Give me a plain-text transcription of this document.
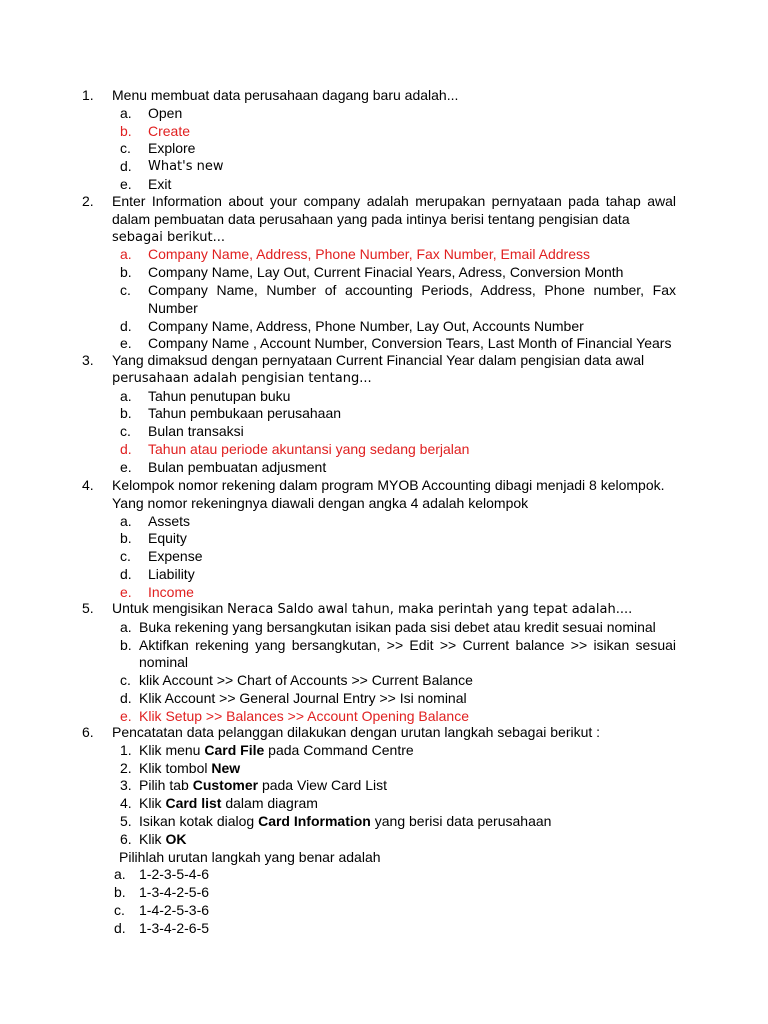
1. Menu membuat data perusahaan dagang baru adalah...
a. Open
b. Create
c. Explore
d. What's new
e. Exit
2. Enter Information about your company adalah merupakan pernyataan pada tahap awal dalam pembuatan data perusahaan yang pada intinya berisi tentang pengisian data
sebagai berikut...
a. Company Name, Address, Phone Number, Fax Number, Email Address
b. Company Name, Lay Out, Current Finacial Years, Adress, Conversion Month
c. Company Name, Number of accounting Periods, Address, Phone number, Fax Number
d. Company Name, Address, Phone Number, Lay Out, Accounts Number
e. Company Name , Account Number, Conversion Tears, Last Month of Financial Years
3. Yang dimaksud dengan pernyataan Current Financial Year dalam pengisian data awal
perusahaan adalah pengisian tentang...
a. Tahun penutupan buku
b. Tahun pembukaan perusahaan
c. Bulan transaksi
d. Tahun atau periode akuntansi yang sedang berjalan
e. Bulan pembuatan adjusment
4. Kelompok nomor rekening dalam program MYOB Accounting dibagi menjadi 8 kelompok. Yang nomor rekeningnya diawali dengan angka 4 adalah kelompok
a. Assets
b. Equity
c. Expense
d. Liability
e. Income
5. Untuk mengisikan Neraca Saldo awal tahun, maka perintah yang tepat adalah....
a. Buka rekening yang bersangkutan isikan pada sisi debet atau kredit sesuai nominal
b. Aktifkan rekening yang bersangkutan, >> Edit >> Current balance >> isikan sesuai nominal
c. klik Account >> Chart of Accounts >> Current Balance
d. Klik Account >> General Journal Entry >> Isi nominal
e. Klik Setup >> Balances >> Account Opening Balance
6. Pencatatan data pelanggan dilakukan dengan urutan langkah sebagai berikut :
1. Klik menu Card File pada Command Centre
2. Klik tombol New
3. Pilih tab Customer pada View Card List
4. Klik Card list dalam diagram
5. Isikan kotak dialog Card Information yang berisi data perusahaan
6. Klik OK
Pilihlah urutan langkah yang benar adalah
a. 1-2-3-5-4-6
b. 1-3-4-2-5-6
c. 1-4-2-5-3-6
d. 1-3-4-2-6-5
